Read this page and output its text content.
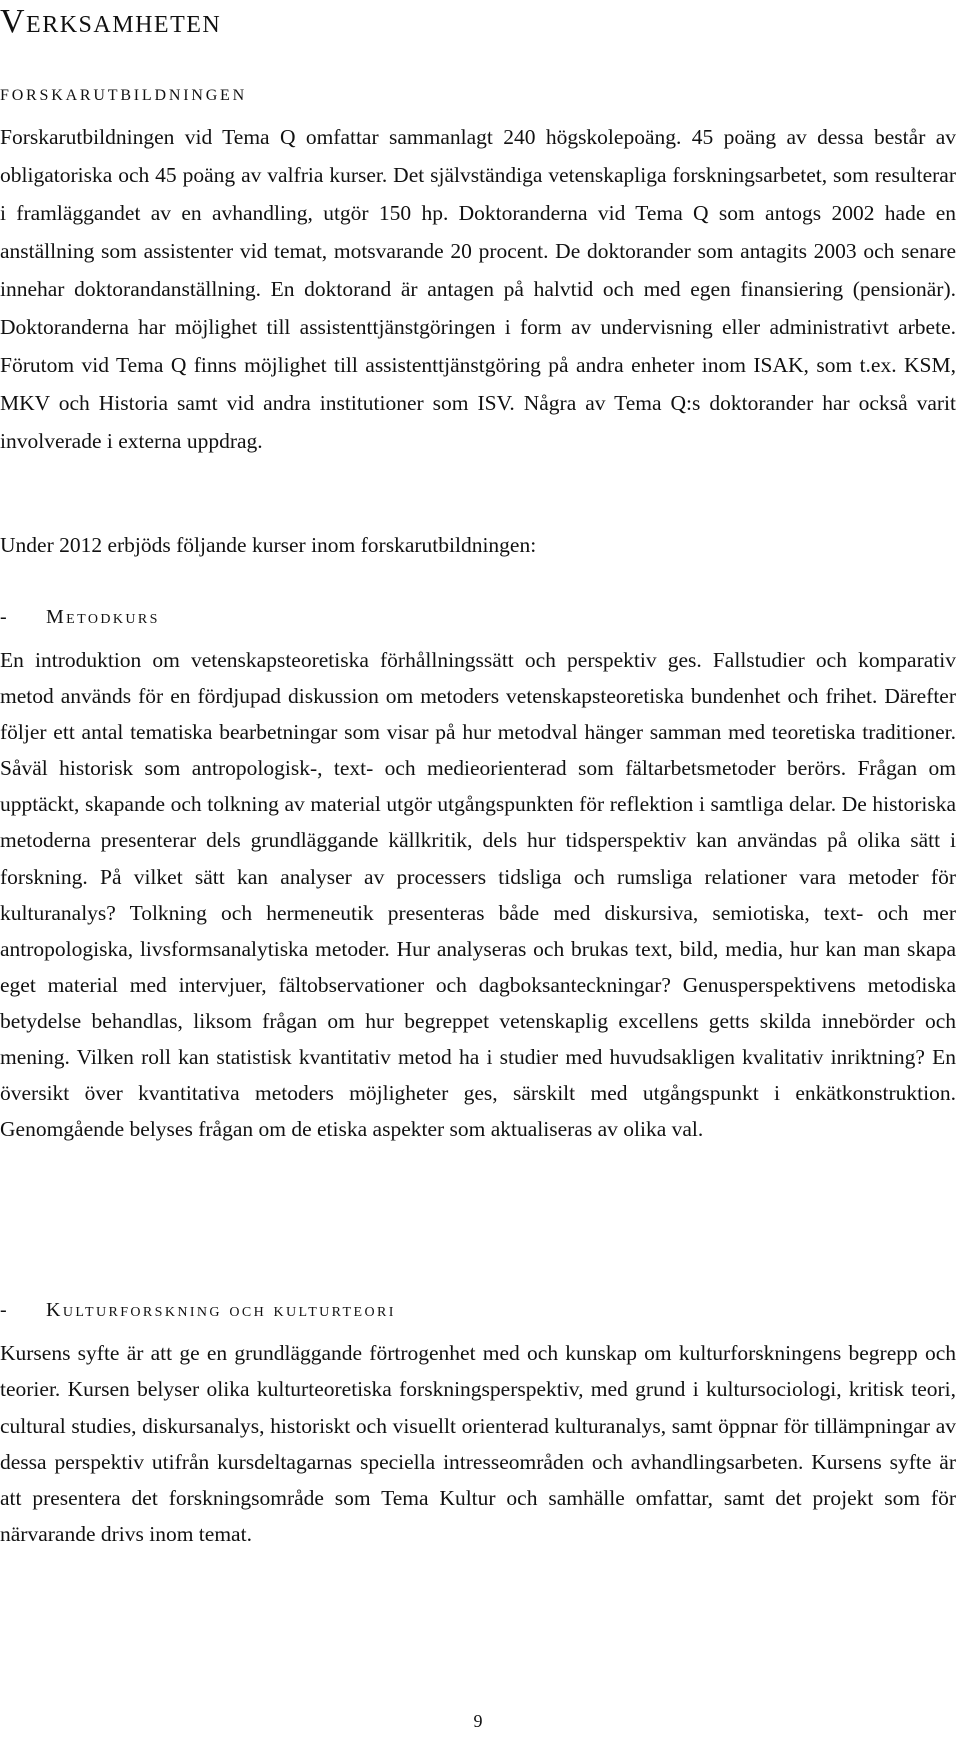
Verksamheten
FORSKARUTBILDNINGEN

Forskarutbildningen vid Tema Q omfattar sammanlagt 240 högskolepoäng. 45 poäng av dessa består av obligatoriska och 45 poäng av valfria kurser. Det självständiga vetenskapliga forskningsarbetet, som resulterar i framläggandet av en avhandling, utgör 150 hp. Doktoranderna vid Tema Q som antogs 2002 hade en anställning som assistenter vid temat, motsvarande 20 procent. De doktorander som antagits 2003 och senare innehar doktorandanställning. En doktorand är antagen på halvtid och med egen finansiering (pensionär). Doktoranderna har möjlighet till assistenttjänstgöringen i form av undervisning eller administrativt arbete. Förutom vid Tema Q finns möjlighet till assistenttjänstgöring på andra enheter inom ISAK, som t.ex. KSM, MKV och Historia samt vid andra institutioner som ISV. Några av Tema Q:s doktorander har också varit involverade i externa uppdrag.

Under 2012 erbjöds följande kurser inom forskarutbildningen:

- Metodkurs

En introduktion om vetenskapsteoretiska förhållningssätt och perspektiv ges. Fallstudier och komparativ metod används för en fördjupad diskussion om metoders vetenskapsteoretiska bundenhet och frihet. Därefter följer ett antal tematiska bearbetningar som visar på hur metodval hänger samman med teoretiska traditioner. Såväl historisk som antropologisk-, text- och medieorienterad som fältarbetsmetoder berörs. Frågan om upptäckt, skapande och tolkning av material utgör utgångspunkten för reflektion i samtliga delar. De historiska metoderna presenterar dels grundläggande källkritik, dels hur tidsperspektiv kan användas på olika sätt i forskning. På vilket sätt kan analyser av processers tidsliga och rumsliga relationer vara metoder för kulturanalys? Tolkning och hermeneutik presenteras både med diskursiva, semiotiska, text- och mer antropologiska, livsformsanalytiska metoder. Hur analyseras och brukas text, bild, media, hur kan man skapa eget material med intervjuer, fältobservationer och dagboksanteckningar? Genusperspektivens metodiska betydelse behandlas, liksom frågan om hur begreppet vetenskaplig excellens getts skilda innebörder och mening. Vilken roll kan statistisk kvantitativ metod ha i studier med huvudsakligen kvalitativ inriktning? En översikt över kvantitativa metoders möjligheter ges, särskilt med utgångspunkt i enkätkonstruktion. Genomgående belyses frågan om de etiska aspekter som aktualiseras av olika val.

- Kulturforskning och kulturteori

Kursens syfte är att ge en grundläggande förtrogenhet med och kunskap om kulturforskningens begrepp och teorier. Kursen belyser olika kulturteoretiska forskningsperspektiv, med grund i kultursociologi, kritisk teori, cultural studies, diskursanalys, historiskt och visuellt orienterad kulturanalys, samt öppnar för tillämpningar av dessa perspektiv utifrån kursdeltagarnas speciella intresseområden och avhandlingsarbeten. Kursens syfte är att presentera det forskningsområde som Tema Kultur och samhälle omfattar, samt det projekt som för närvarande drivs inom temat.

9
